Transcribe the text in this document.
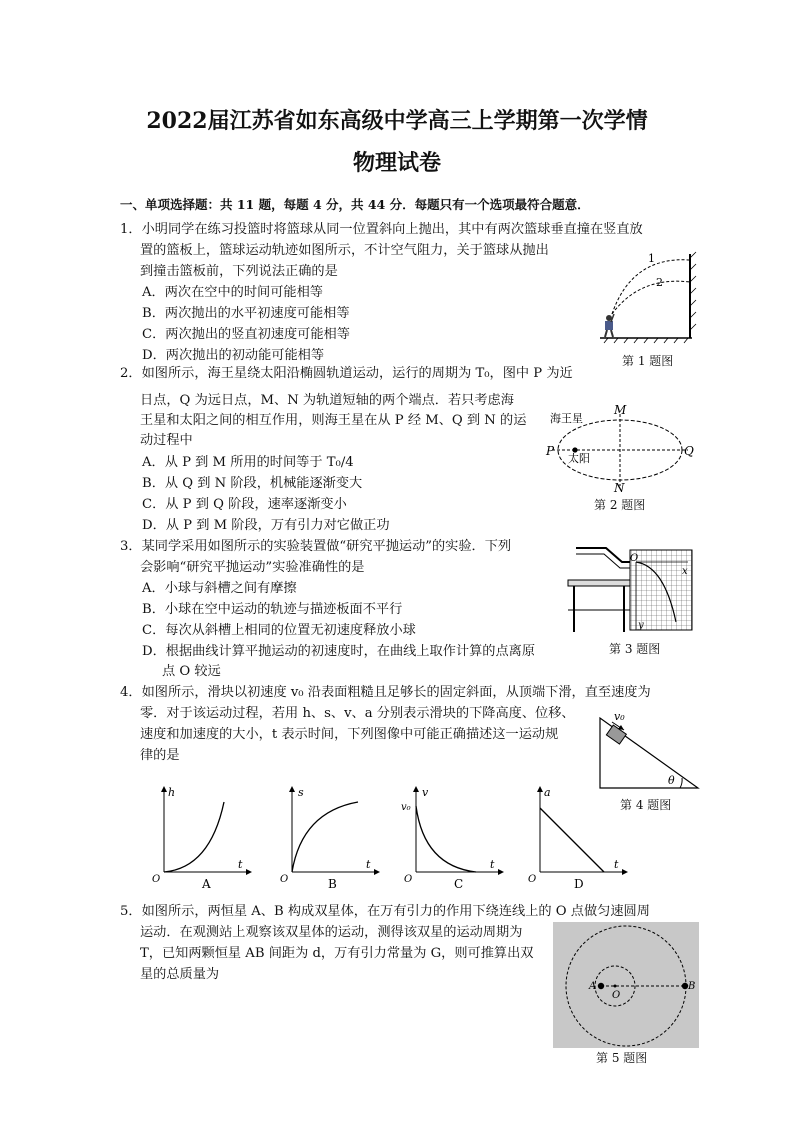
2022届江苏省如东高级中学高三上学期第一次学情
物理试卷
一、单项选择题：共 11 题，每题 4 分，共 44 分．每题只有一个选项最符合题意．
1．小明同学在练习投篮时将篮球从同一位置斜向上抛出，其中有两次篮球垂直撞在竖直放
置的篮板上，篮球运动轨迹如图所示，不计空气阻力，关于篮球从抛出
到撞击篮板前，下列说法正确的是
A．两次在空中的时间可能相等
B．两次抛出的水平初速度可能相等
C．两次抛出的竖直初速度可能相等
D．两次抛出的初动能可能相等
1
2
第 1 题图
2．如图所示，海王星绕太阳沿椭圆轨道运动，运行的周期为 T₀，图中 P 为近
日点，Q 为远日点，M、N 为轨道短轴的两个端点．若只考虑海
王星和太阳之间的相互作用，则海王星在从 P 经 M、Q 到 N 的运
动过程中
A．从 P 到 M 所用的时间等于 T₀/4
B．从 Q 到 N 阶段，机械能逐渐变大
C．从 P 到 Q 阶段，速率逐渐变小
D．从 P 到 M 阶段，万有引力对它做正功
海王星
太阳
M
N
P	Q
第 2 题图
3．某同学采用如图所示的实验装置做“研究平抛运动”的实验．下列
会影响“研究平抛运动”实验准确性的是
A．小球与斜槽之间有摩擦
B．小球在空中运动的轨迹与描迹板面不平行
C．每次从斜槽上相同的位置无初速度释放小球
D．根据曲线计算平抛运动的初速度时，在曲线上取作计算的点离原
点 O 较远
O
x
y
第 3 题图
4．如图所示，滑块以初速度 v₀ 沿表面粗糙且足够长的固定斜面，从顶端下滑，直至速度为
零．对于该运动过程，若用 h、s、v、a 分别表示滑块的下降高度、位移、
速度和加速度的大小，t 表示时间，下列图像中可能正确描述这一运动规
律的是
v₀
θ
第 4 题图
h
t
O	A
s
t
O	B
v
v₀
t
O	C
a
t
O	D
5．如图所示，两恒星 A、B 构成双星体，在万有引力的作用下绕连线上的 O 点做匀速圆周
运动．在观测站上观察该双星体的运动，测得该双星的运动周期为
T，已知两颗恒星 AB 间距为 d，万有引力常量为 G，则可推算出双
星的总质量为
A	B
O
第 5 题图
